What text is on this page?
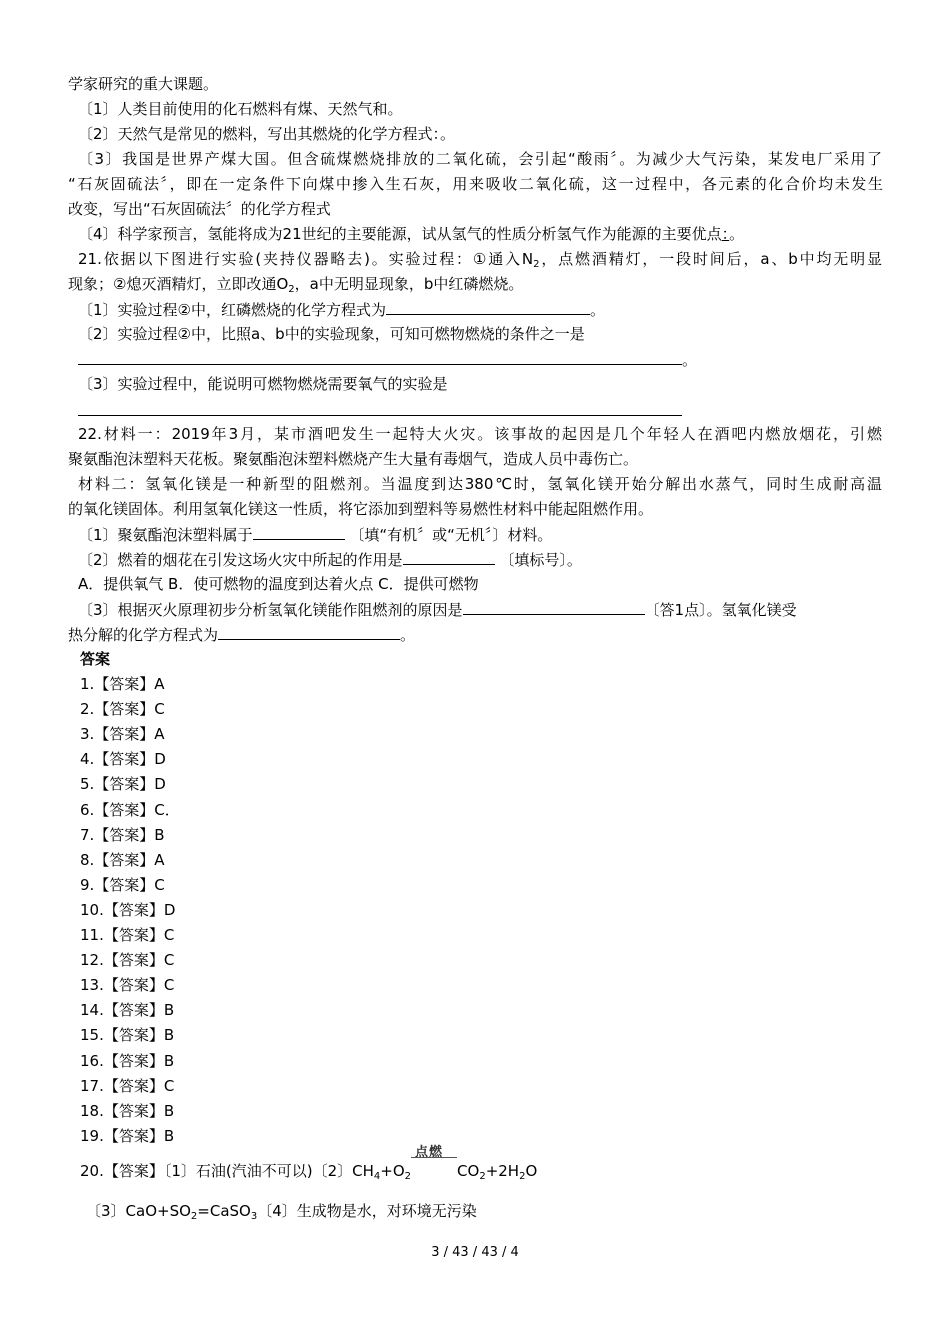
学家研究的重大课题。
〔1〕人类目前使用的化石燃料有煤、天然气和。
〔2〕天然气是常见的燃料，写出其燃烧的化学方程式：。
〔3〕我国是世界产煤大国。但含硫煤燃烧排放的二氧化硫，会引起“酸雨〞。为减少大气污染，某发电厂采用了
“石灰固硫法〞，即在一定条件下向煤中掺入生石灰，用来吸收二氧化硫，这一过程中，各元素的化合价均未发生
改变，写出“石灰固硫法〞的化学方程式
〔4〕科学家预言，氢能将成为21世纪的主要能源，试从氢气的性质分析氢气作为能源的主要优点：。
21.依据以下图进行实验(夹持仪器略去)。实验过程：①通入$N_2$，点燃酒精灯，一段时间后，a、b中均无明显
现象；②熄灭酒精灯，立即改通$O_2$，a中无明显现象，b中红磷燃烧。
〔1〕实验过程②中，红磷燃烧的化学方程式为	。
〔2〕实验过程②中，比照a、b中的实验现象，可知可燃物燃烧的条件之一是
。
〔3〕实验过程中，能说明可燃物燃烧需要氧气的实验是
22.材料一：2019年3月，某市酒吧发生一起特大火灾。该事故的起因是几个年轻人在酒吧内燃放烟花，引燃
聚氨酯泡沫塑料天花板。聚氨酯泡沫塑料燃烧产生大量有毒烟气，造成人员中毒伤亡。
材料二：氢氧化镁是一种新型的阻燃剂。当温度到达380℃时，氢氧化镁开始分解出水蒸气，同时生成耐高温
的氧化镁固体。利用氢氧化镁这一性质，将它添加到塑料等易燃性材料中能起阻燃作用。
〔1〕聚氨酯泡沫塑料属于	〔填“有机〞或“无机〞〕材料。
〔2〕燃着的烟花在引发这场火灾中所起的作用是	〔填标号〕。
A．提供氧气 B．使可燃物的温度到达着火点 C．提供可燃物
〔3〕根据灭火原理初步分析氢氧化镁能作阻燃剂的原因是	〔答1点〕。氢氧化镁受
热分解的化学方程式为	。
答案
1.【答案】A
2.【答案】C
3.【答案】A
4.【答案】D
5.【答案】D
6.【答案】C．
7.【答案】B
8.【答案】A
9.【答案】C
10.【答案】D
11.【答案】C
12.【答案】C
13.【答案】C
14.【答案】B
15.【答案】B
16.【答案】B
17.【答案】C
18.【答案】B
19.【答案】B
20.【答案】〔1〕石油(汽油不可以)〔2〕$CH_4+O_2$
点燃
$CO_2+2H_2O$
〔3〕$CaO+SO_2=CaSO_3$〔4〕生成物是水，对环境无污染
3 / 43 / 43 / 4
